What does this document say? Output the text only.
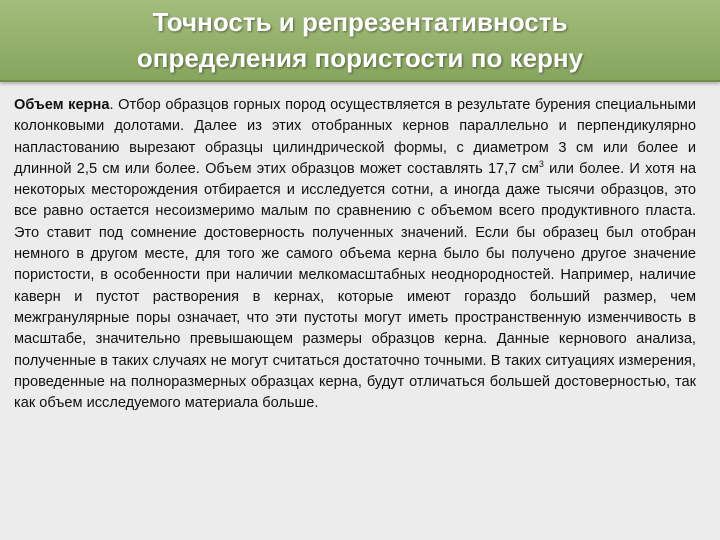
Точность и репрезентативность
определения пористости по керну

Объем керна. Отбор образцов горных пород осуществляется в результате бурения специальными колонковыми долотами. Далее из этих отобранных кернов параллельно и перпендикулярно напластованию вырезают образцы цилиндрической формы, с диаметром 3 см или более и длинной 2,5 см или более. Объем этих образцов может составлять 17,7 $см^3$ или более. И хотя на некоторых месторождения отбирается и исследуется сотни, а иногда даже тысячи образцов, это все равно остается несоизмеримо малым по сравнению с объемом всего продуктивного пласта. Это ставит под сомнение достоверность полученных значений. Если бы образец был отобран немного в другом месте, для того же самого объема керна было бы получено другое значение пористости, в особенности при наличии мелкомасштабных неоднородностей. Например, наличие каверн и пустот растворения в кернах, которые имеют гораздо больший размер, чем межгранулярные поры означает, что эти пустоты могут иметь пространственную изменчивость в масштабе, значительно превышающем размеры образцов керна. Данные кернового анализа, полученные в таких случаях не могут считаться достаточно точными. В таких ситуациях измерения, проведенные на полноразмерных образцах керна, будут отличаться большей достоверностью, так как объем исследуемого материала больше.
